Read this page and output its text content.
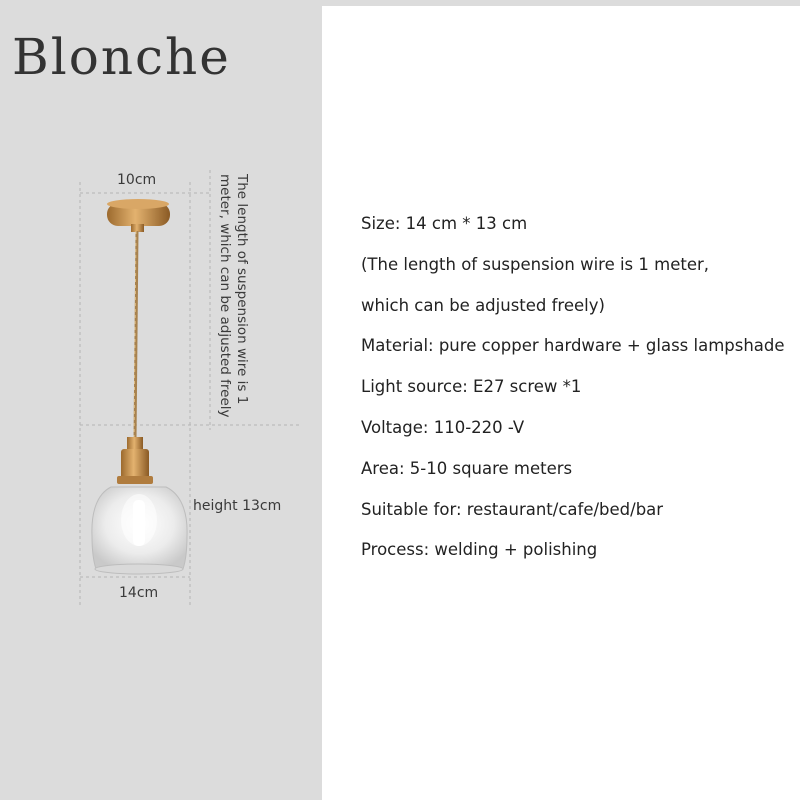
Blonche
10cm	The length of suspension wire is 1
meter, which can be adjusted freely
height 13cm
14cm
Size: 14 cm * 13 cm
(The length of suspension wire is 1 meter,
which can be adjusted freely)
Material: pure copper hardware + glass lampshade
Light source: E27 screw *1
Voltage: 110-220 -V
Area: 5-10 square meters
Suitable for: restaurant/cafe/bed/bar
Process: welding + polishing
